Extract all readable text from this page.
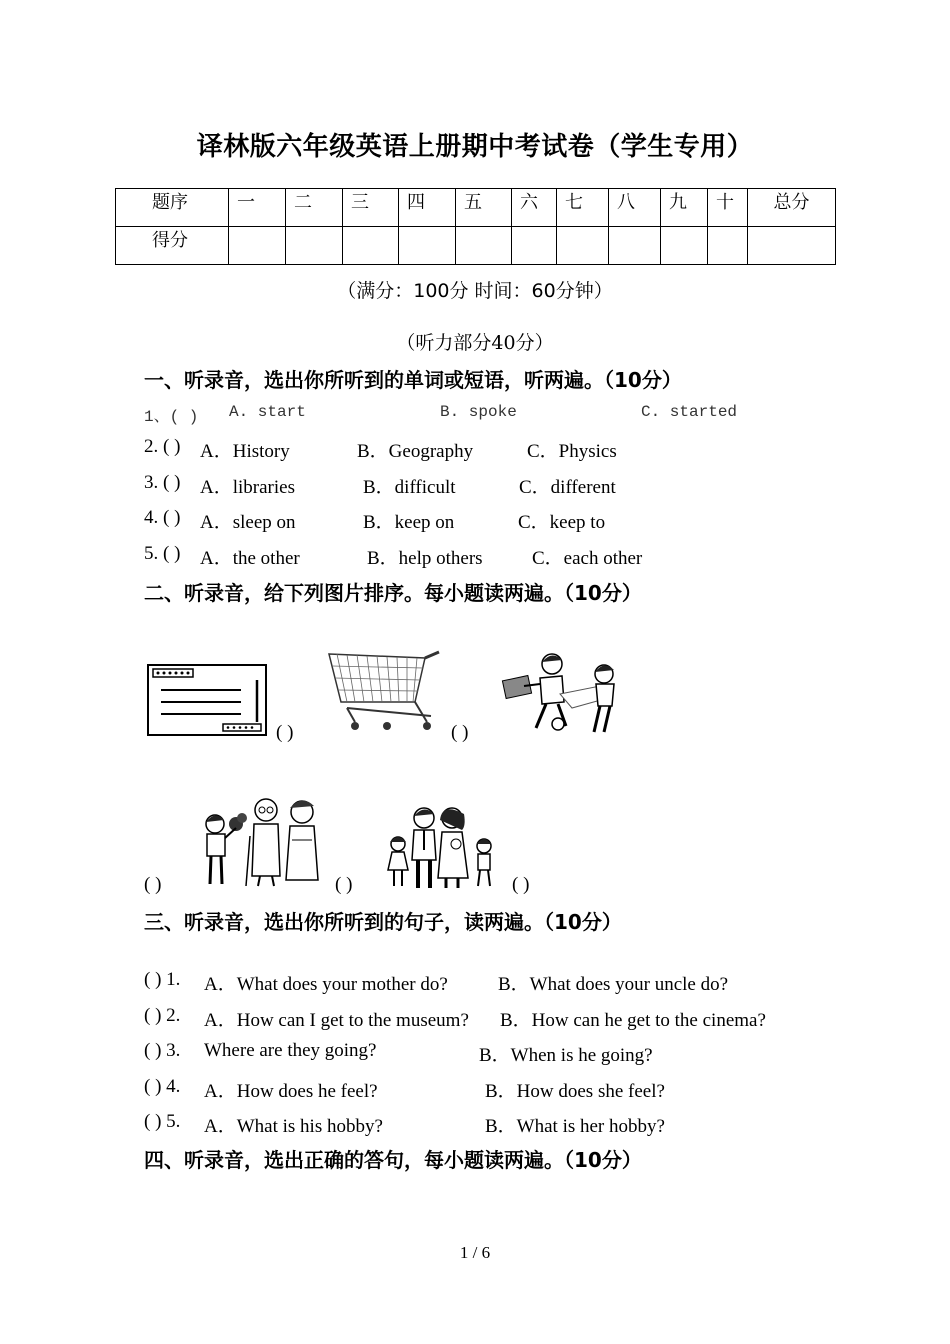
译林版六年级英语上册期中考试卷（学生专用）
题序	一	二	三	四	五	六	七	八	九	十	总分
得分											
（满分：100分 时间：60分钟）
（听力部分40分）
一、听录音，选出你所听到的单词或短语，听两遍。（10分）
1、( ) A. start	B. spoke	C. started
2. ( ) A．History	B．Geography	C．Physics
3. ( ) A．libraries	B．difficult	C．different
4. ( ) A．sleep on	B．keep on	C．keep to
5. ( ) A．the other	B．help others	C．each other
二、听录音，给下列图片排序。每小题读两遍。（10分）
( )	( )
( )	( )	( )
三、听录音，选出你所听到的句子，读两遍。（10分）
( ) 1. A．What does your mother do?	B．What does your uncle do?
( ) 2. A．How can I get to the museum? B．How can he get to the cinema?
( ) 3. Where are they going?	B．When is he going?
( ) 4. A．How does he feel?	B．How does she feel?
( ) 5. A．What is his hobby?	B．What is her hobby?
四、听录音，选出正确的答句，每小题读两遍。（10分）
1 / 6
